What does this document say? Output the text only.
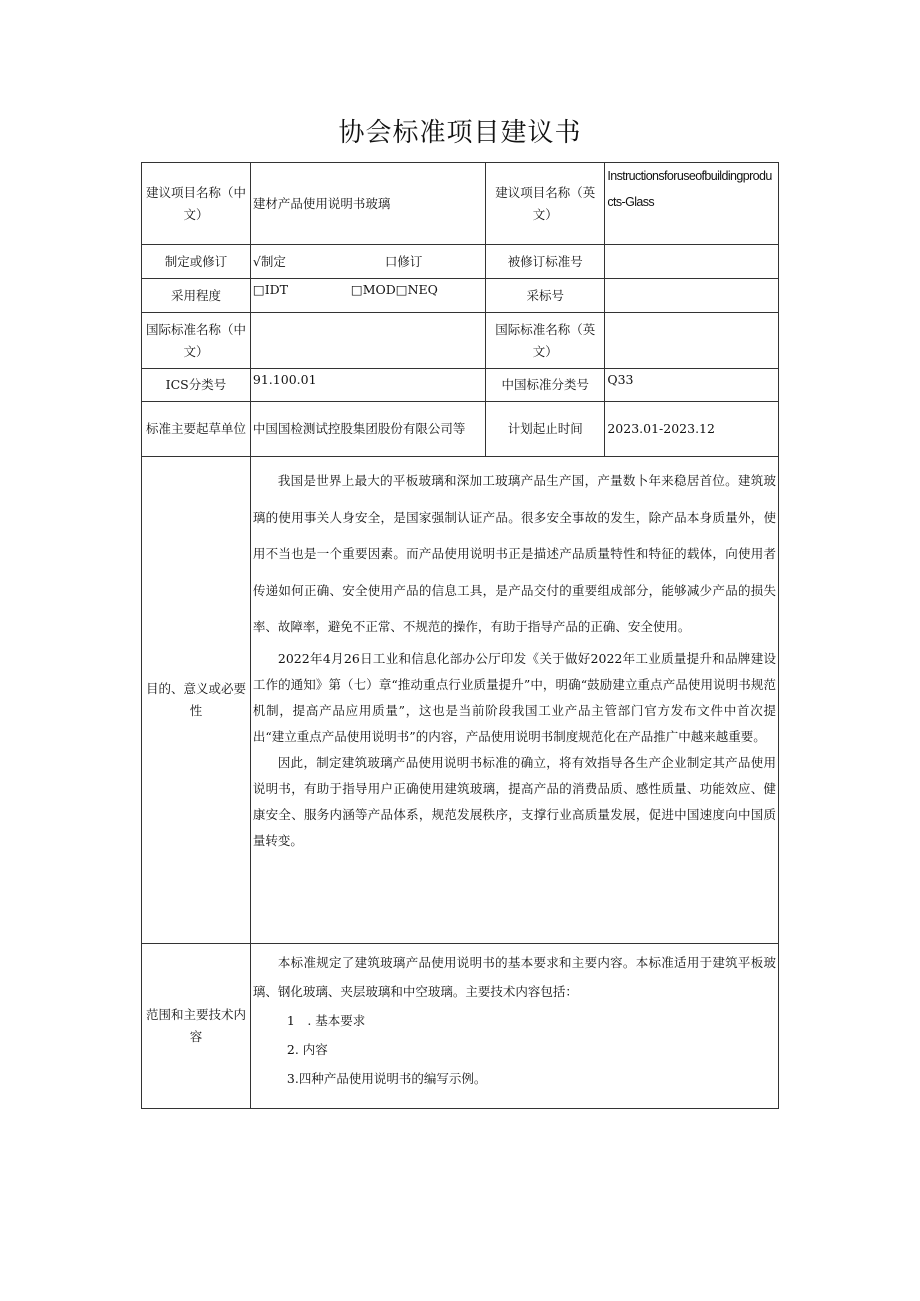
协会标准项目建议书
建议项目名称（中文）	建材产品使用说明书玻璃	建议项目名称（英文）	Instructionsforuseofbuildingproducts-Glass
制定或修订	√制定 口修订	被修订标准号	
采用程度	□IDT □MOD□NEQ	采标号	
国际标准名称（中文）		国际标准名称（英文）	
ICS分类号	91.100.01	中国标准分类号	Q33
标准主要起草单位	中国国检测试控股集团股份有限公司等	计划起止时间	2023.01-2023.12
目的、意义或必要性	我国是世界上最大的平板玻璃和深加工玻璃产品生产国，产量数卜年来稳居首位。建筑玻璃的使用事关人身安全，是国家强制认证产品。很多安全事故的发生，除产品本身质量外，使用不当也是一个重要因素。而产品使用说明书正是描述产品质量特性和特征的载体，向使用者传递如何正确、安全使用产品的信息工具，是产品交付的重要组成部分，能够减少产品的损失率、故障率，避免不正常、不规范的操作，有助于指导产品的正确、安全使用。

2022年4月26日工业和信息化部办公厅印发《关于做好2022年工业质量提升和品牌建设工作的通知》第（七）章“推动重点行业质量提升”中，明确“鼓励建立重点产品使用说明书规范机制，提高产品应用质量”，这也是当前阶段我国工业产品主管部门官方发布文件中首次提出“建立重点产品使用说明书”的内容，产品使用说明书制度规范化在产品推广中越来越重要。

因此，制定建筑玻璃产品使用说明书标准的确立，将有效指导各生产企业制定其产品使用说明书，有助于指导用户正确使用建筑玻璃，提高产品的消费品质、感性质量、功能效应、健康安全、服务内涵等产品体系，规范发展秩序，支撑行业高质量发展，促进中国速度向中国质量转变。		

范围和主要技术内容	本标准规定了建筑玻璃产品使用说明书的基本要求和主要内容。本标准适用于建筑平板玻璃、钢化玻璃、夹层玻璃和中空玻璃。主要技术内容包括：

1　. 基本要求

2. 内容

3.四种产品使用说明书的编写示例。		
